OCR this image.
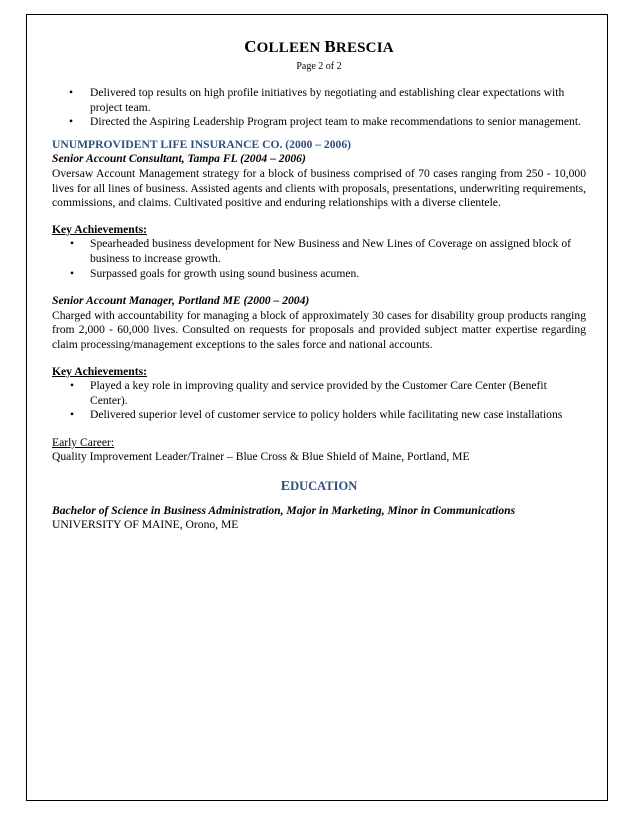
COLLEEN BRESCIA
Page 2 of 2
• Delivered top results on high profile initiatives by negotiating and establishing clear expectations with project team.
• Directed the Aspiring Leadership Program project team to make recommendations to senior management.
UNUMPROVIDENT LIFE INSURANCE CO. (2000 – 2006)
Senior Account Consultant, Tampa FL (2004 – 2006)
Oversaw Account Management strategy for a block of business comprised of 70 cases ranging from 250 - 10,000 lives for all lines of business. Assisted agents and clients with proposals, presentations, underwriting requirements, commissions, and claims. Cultivated positive and enduring relationships with a diverse clientele.
Key Achievements:
• Spearheaded business development for New Business and New Lines of Coverage on assigned block of business to increase growth.
• Surpassed goals for growth using sound business acumen.
Senior Account Manager, Portland ME (2000 – 2004)
Charged with accountability for managing a block of approximately 30 cases for disability group products ranging from 2,000 - 60,000 lives. Consulted on requests for proposals and provided subject matter expertise regarding claim processing/management exceptions to the sales force and national accounts.
Key Achievements:
• Played a key role in improving quality and service provided by the Customer Care Center (Benefit Center).
• Delivered superior level of customer service to policy holders while facilitating new case installations
Early Career:
Quality Improvement Leader/Trainer – Blue Cross & Blue Shield of Maine, Portland, ME
EDUCATION
Bachelor of Science in Business Administration, Major in Marketing, Minor in Communications
UNIVERSITY OF MAINE, Orono, ME
